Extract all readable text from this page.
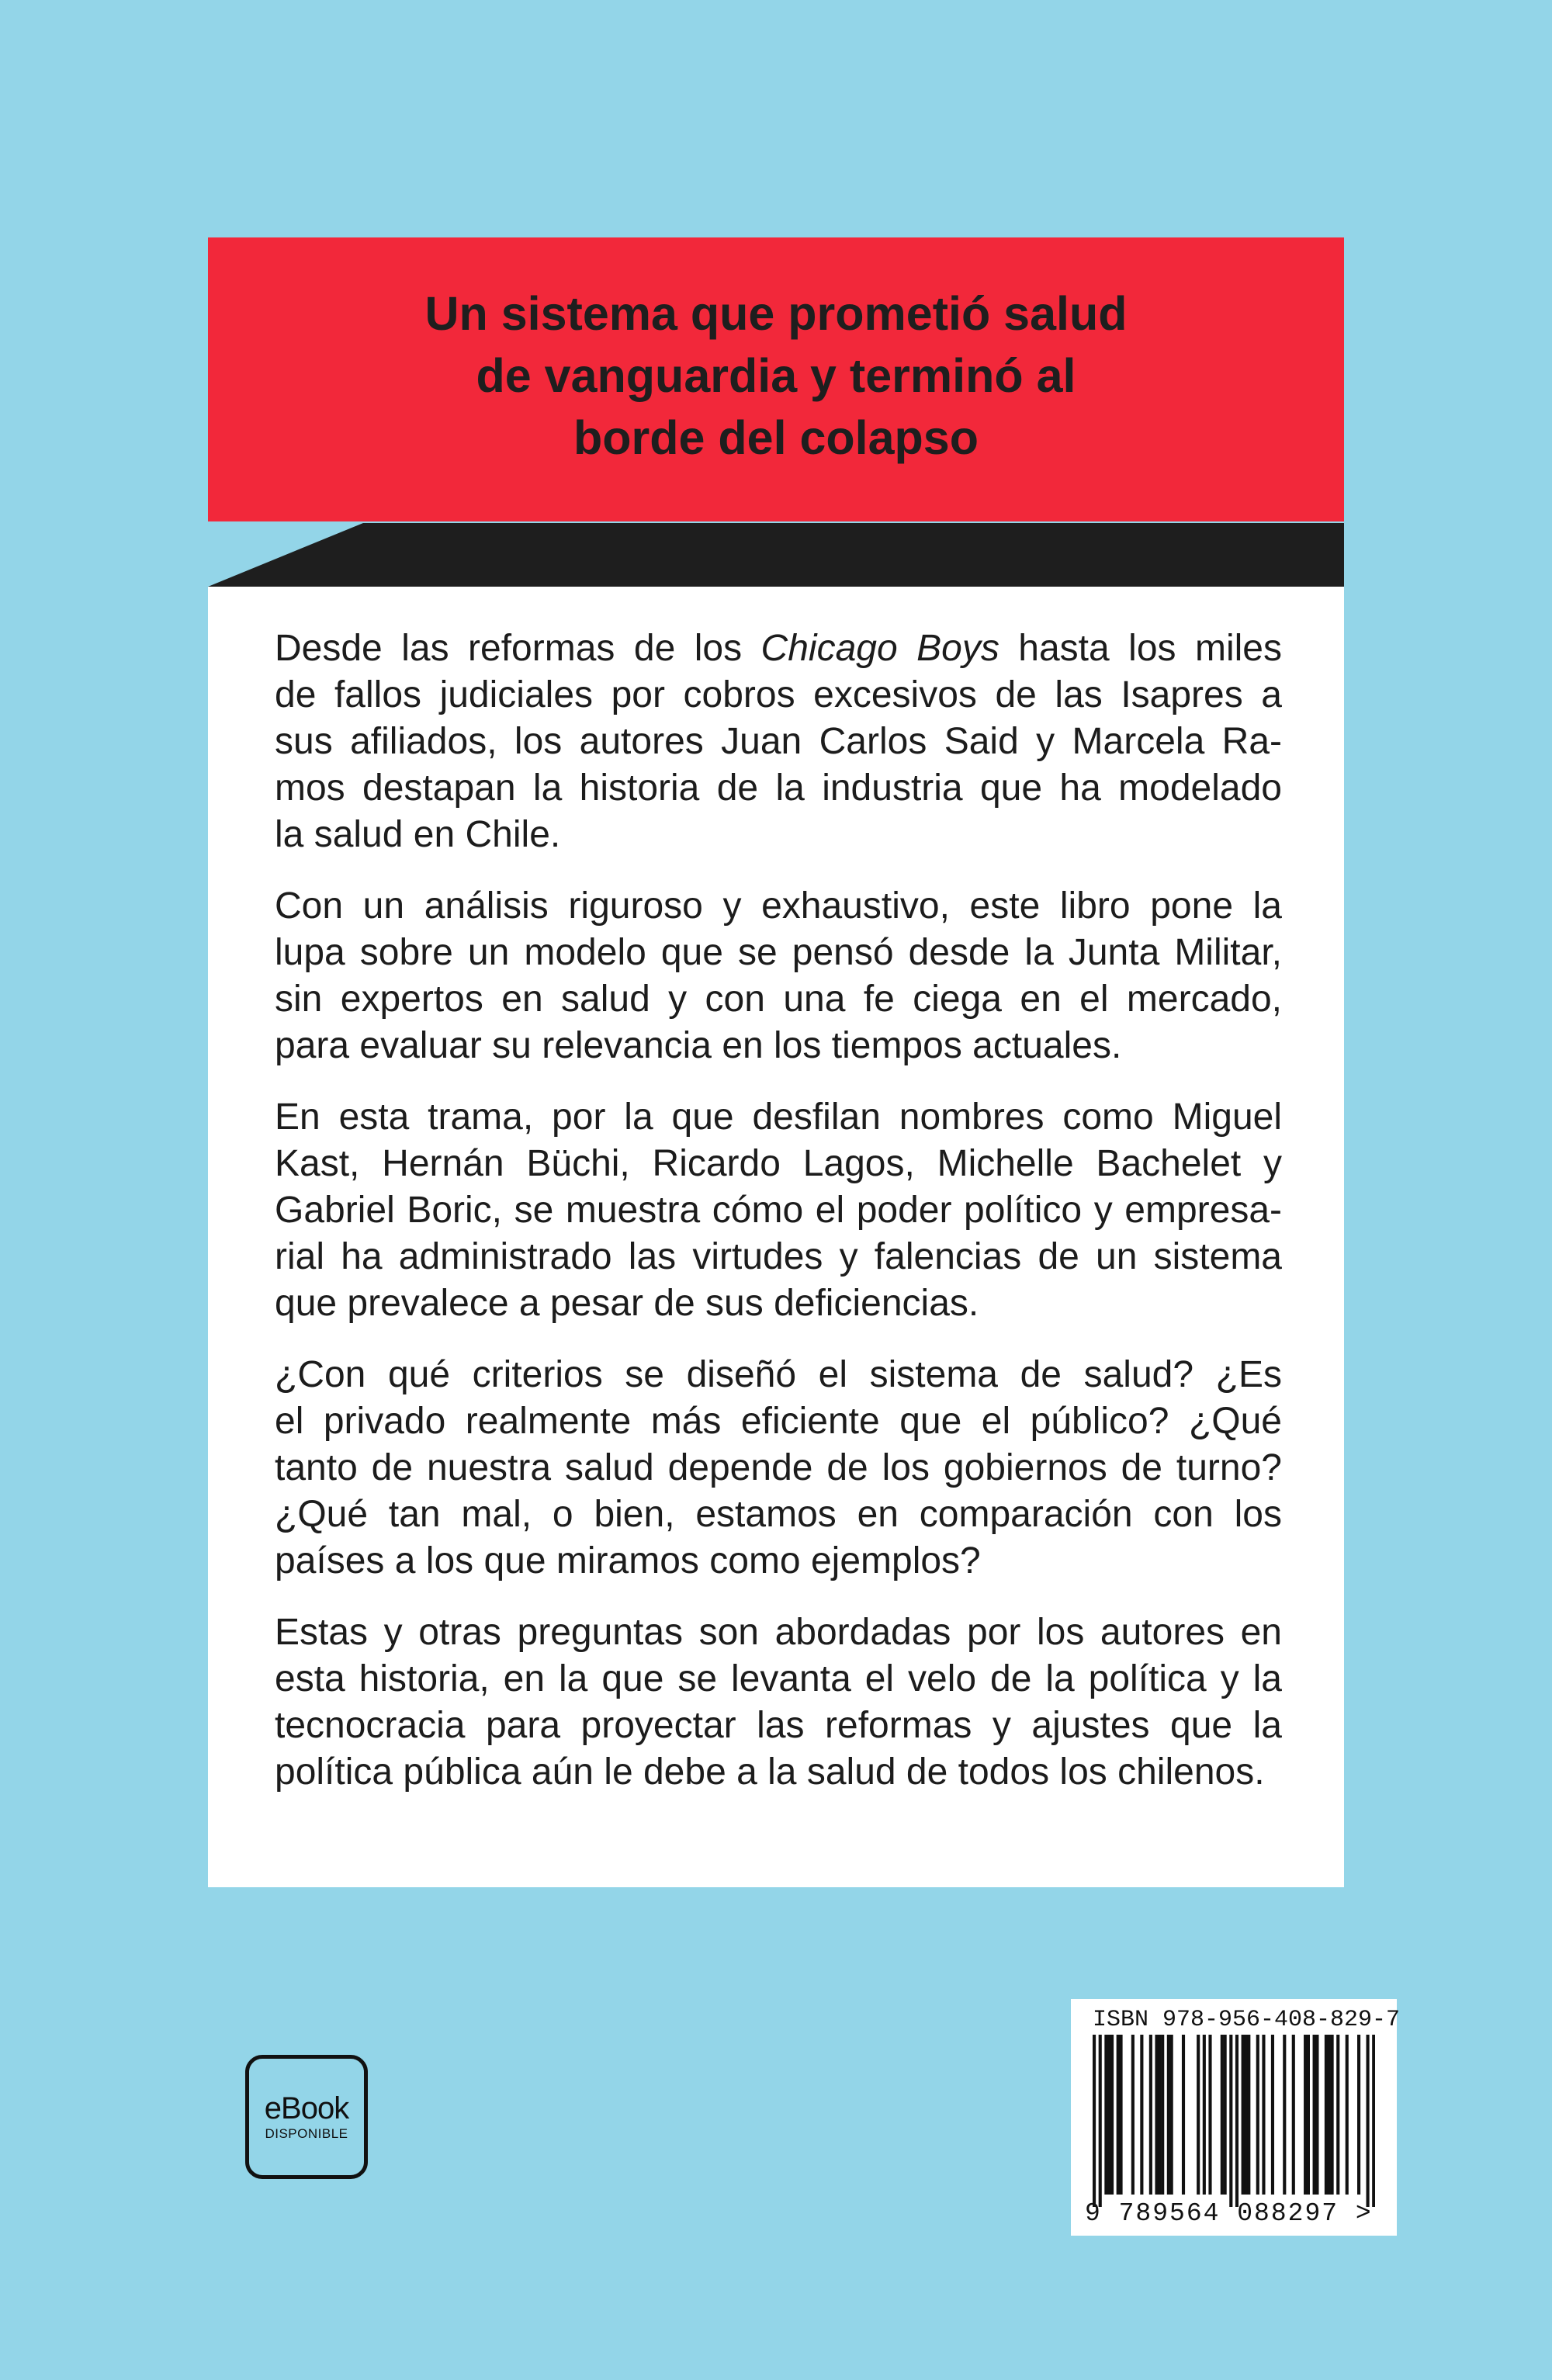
Un sistema que prometió salud
de vanguardia y terminó al
borde del colapso

Desde las reformas de los Chicago Boys hasta los miles
de fallos judiciales por cobros excesivos de las Isapres a
sus afiliados, los autores Juan Carlos Said y Marcela Ra-
mos destapan la historia de la industria que ha modelado
la salud en Chile.

Con un análisis riguroso y exhaustivo, este libro pone la
lupa sobre un modelo que se pensó desde la Junta Militar,
sin expertos en salud y con una fe ciega en el mercado,
para evaluar su relevancia en los tiempos actuales.

En esta trama, por la que desfilan nombres como Miguel
Kast, Hernán Büchi, Ricardo Lagos, Michelle Bachelet y
Gabriel Boric, se muestra cómo el poder político y empresa-
rial ha administrado las virtudes y falencias de un sistema
que prevalece a pesar de sus deficiencias.

¿Con qué criterios se diseñó el sistema de salud? ¿Es
el privado realmente más eficiente que el público? ¿Qué
tanto de nuestra salud depende de los gobiernos de turno?
¿Qué tan mal, o bien, estamos en comparación con los
países a los que miramos como ejemplos?

Estas y otras preguntas son abordadas por los autores en
esta historia, en la que se levanta el velo de la política y la
tecnocracia para proyectar las reformas y ajustes que la
política pública aún le debe a la salud de todos los chilenos.

eBook
DISPONIBLE
ISBN 978-956-408-829-7
9 789564 088297 >
